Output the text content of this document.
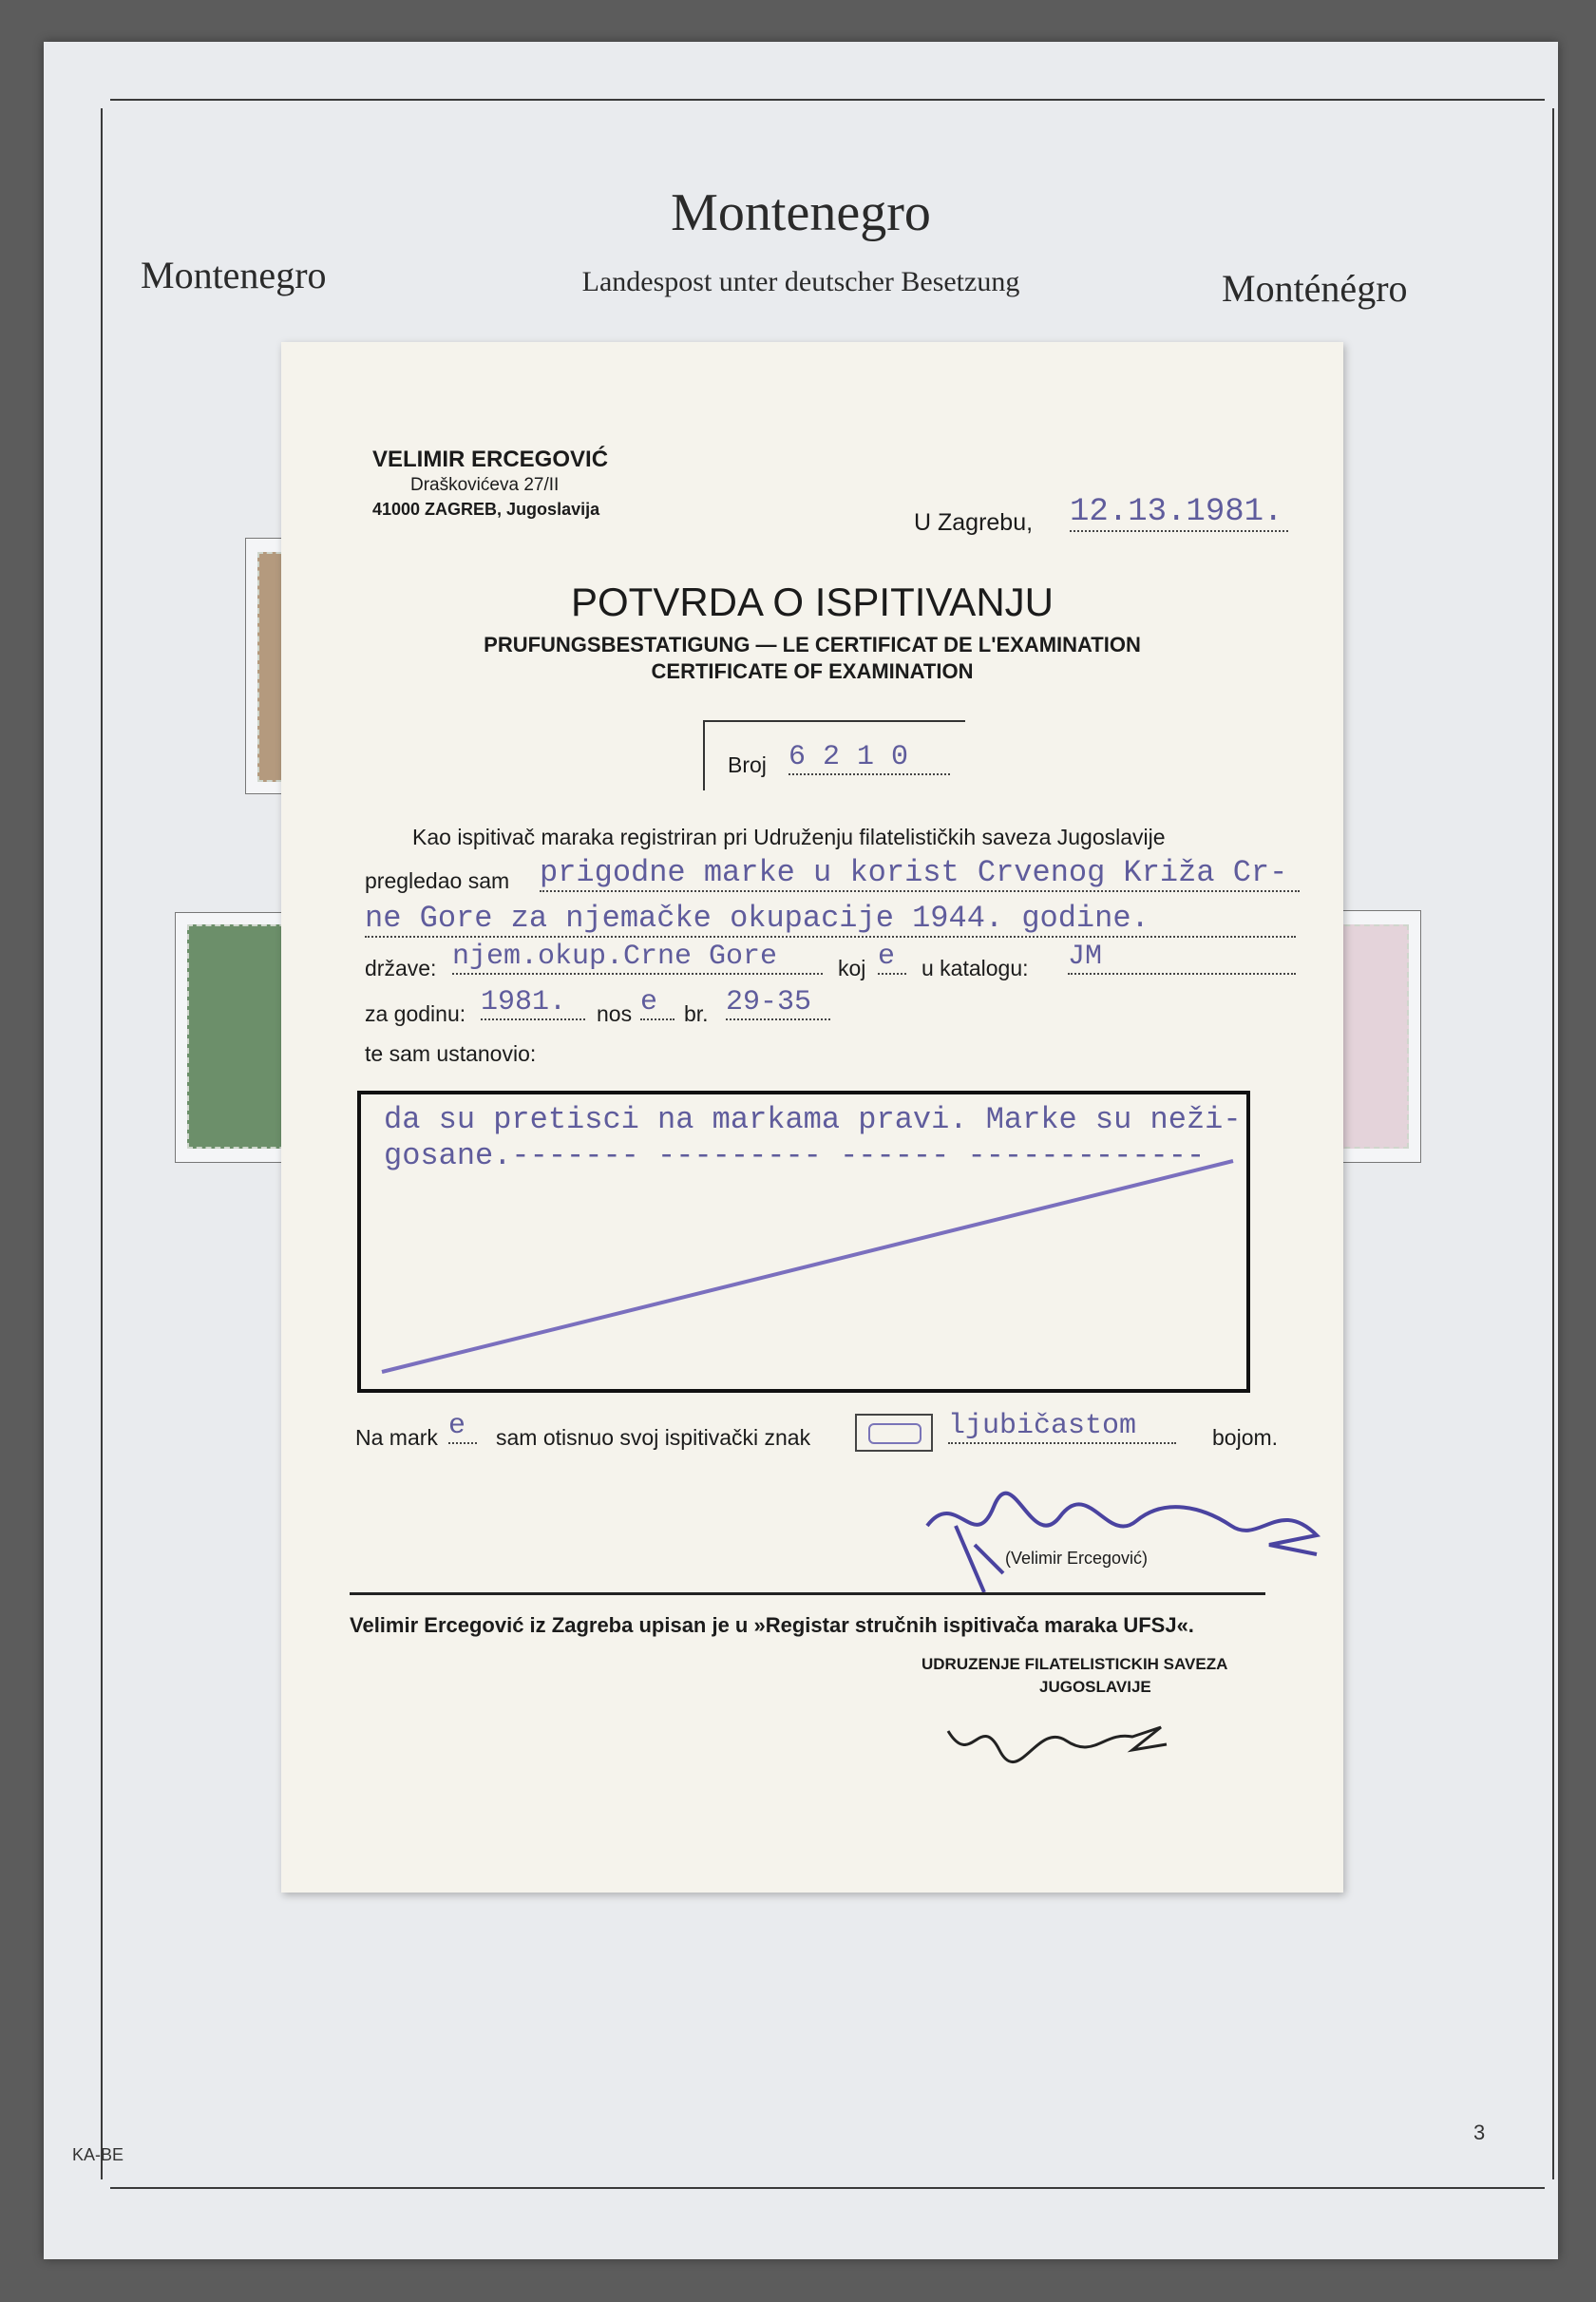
Montenegro
Montenegro	Landespost unter deutscher Besetzung	Monténégro
KA-BE
3
VELIMIR ERCEGOVIĆ
Draškovićeva 27/II
41000 ZAGREB, Jugoslavija	U Zagrebu, 12.13.1981.
POTVRDA O ISPITIVANJU
PRUFUNGSBESTATIGUNG — LE CERTIFICAT DE L'EXAMINATION
CERTIFICATE OF EXAMINATION
Broj 6 2 1 0
Kao ispitivač maraka registriran pri Udruženju filatelističkih saveza Jugoslavije
pregledao sam prigodne marke u korist Crvenog Križa Cr-
ne Gore za njemačke okupacije 1944. godine.
države: njem.okup.Crne Gore	koj e	u katalogu: JM
za godinu: 1981.	nos e	br. 29-35
te sam ustanovio:
da su pretisci na markama pravi. Marke su neži-
gosane.------- --------- ------ -------------
Na mark e	sam otisnuo svoj ispitivački znak	ljubičastom	bojom.
(Velimir Ercegović)
Velimir Ercegović iz Zagreba upisan je u »Registar stručnih ispitivača maraka UFSJ«.
UDRUZENJE FILATELISTICKIH SAVEZA
JUGOSLAVIJE
